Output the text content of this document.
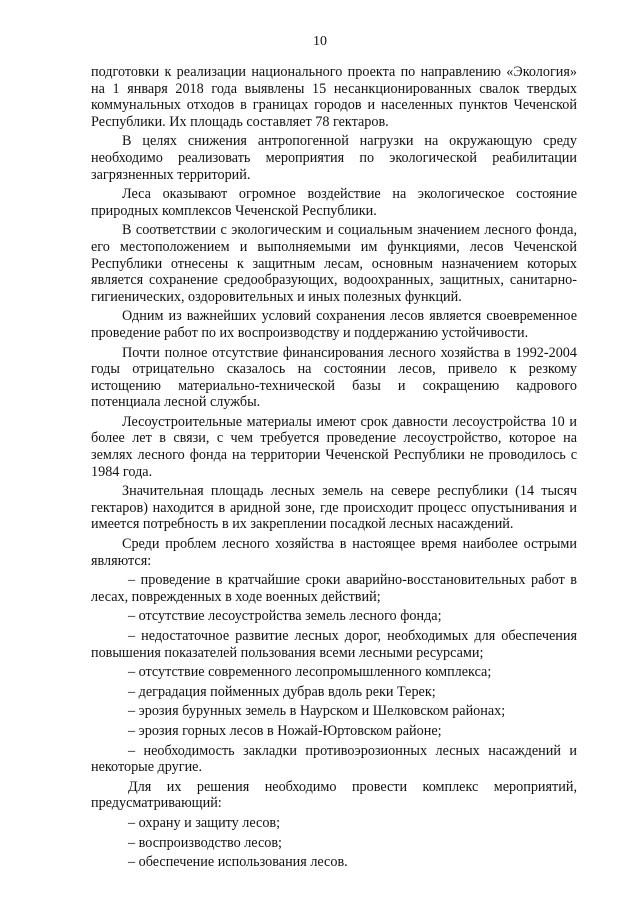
10

подготовки к реализации национального проекта по направлению «Экология» на 1 января 2018 года выявлены 15 несанкционированных свалок твердых коммунальных отходов в границах городов и населенных пунктов Чеченской Республики. Их площадь составляет 78 гектаров.

В целях снижения антропогенной нагрузки на окружающую среду необходимо реализовать мероприятия по экологической реабилитации загрязненных территорий.

Леса оказывают огромное воздействие на экологическое состояние природных комплексов Чеченской Республики.

В соответствии с экологическим и социальным значением лесного фонда, его местоположением и выполняемыми им функциями, лесов Чеченской Республики отнесены к защитным лесам, основным назначением которых является сохранение средообразующих, водоохранных, защитных, санитарно-гигиенических, оздоровительных и иных полезных функций.

Одним из важнейших условий сохранения лесов является своевременное проведение работ по их воспроизводству и поддержанию устойчивости.

Почти полное отсутствие финансирования лесного хозяйства в 1992-2004 годы отрицательно сказалось на состоянии лесов, привело к резкому истощению материально-технической базы и сокращению кадрового потенциала лесной службы.

Лесоустроительные материалы имеют срок давности лесоустройства 10 и более лет в связи, с чем требуется проведение лесоустройство, которое на землях лесного фонда на территории Чеченской Республики не проводилось с 1984 года.

Значительная площадь лесных земель на севере республики (14 тысяч гектаров) находится в аридной зоне, где происходит процесс опустынивания и имеется потребность в их закреплении посадкой лесных насаждений.

Среди проблем лесного хозяйства в настоящее время наиболее острыми являются:

– проведение в кратчайшие сроки аварийно-восстановительных работ в лесах, поврежденных в ходе военных действий;

– отсутствие лесоустройства земель лесного фонда;

– недостаточное развитие лесных дорог, необходимых для обеспечения повышения показателей пользования всеми лесными ресурсами;

– отсутствие современного лесопромышленного комплекса;

– деградация пойменных дубрав вдоль реки Терек;

– эрозия бурунных земель в Наурском и Шелковском районах;

– эрозия горных лесов в Ножай-Юртовском районе;

– необходимость закладки противоэрозионных лесных насаждений и некоторые другие.

Для их решения необходимо провести комплекс мероприятий, предусматривающий:

– охрану и защиту лесов;

– воспроизводство лесов;

– обеспечение использования лесов.
